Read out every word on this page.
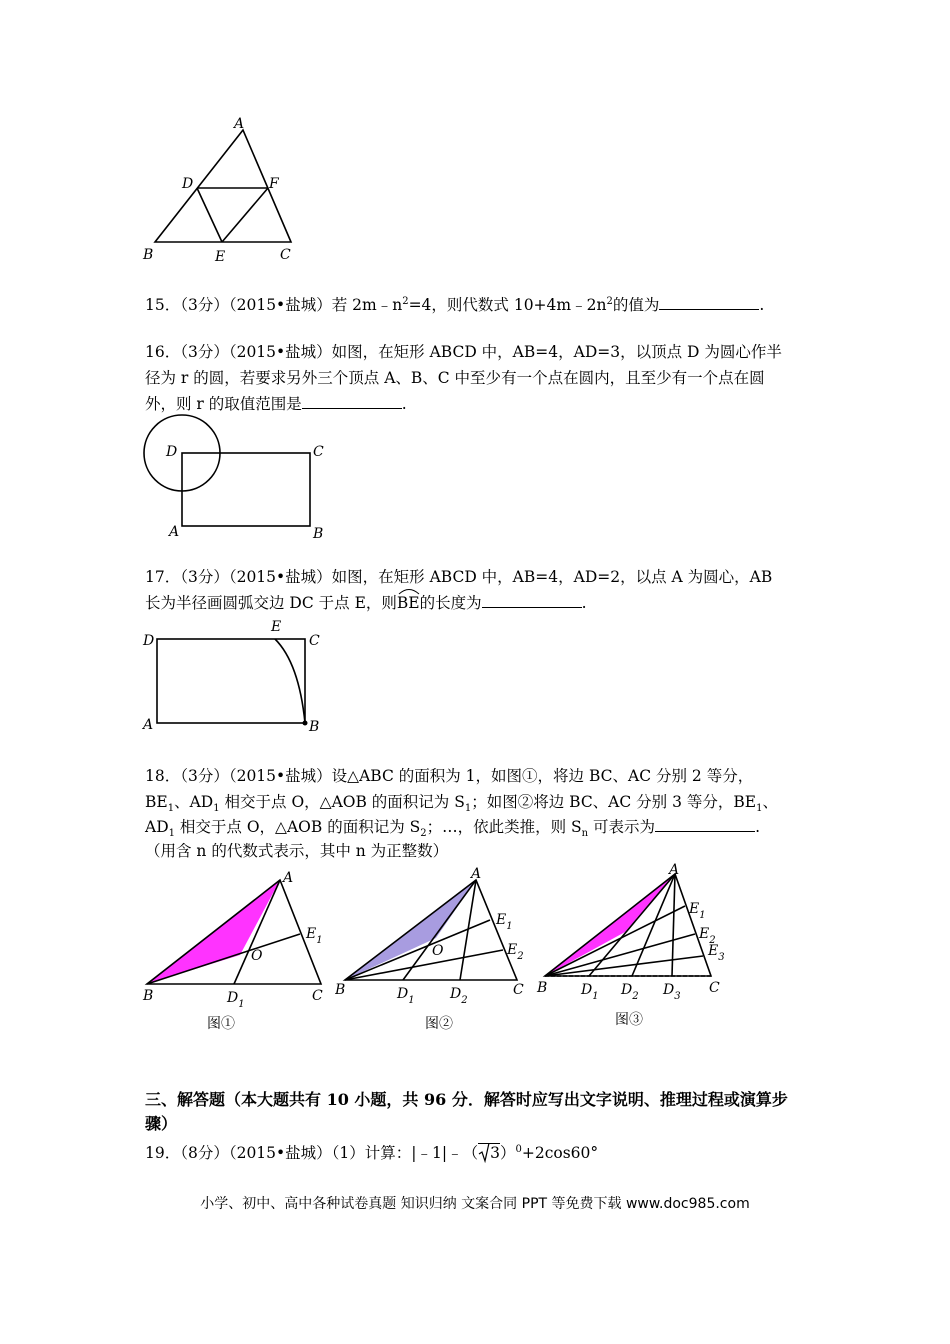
A
D	F
B	E	C
15．（3分）（2015•盐城）若 $2m﹣n^2=4$，则代数式 $10+4m﹣2n^2$的值为	.
16．（3分）（2015•盐城）如图，在矩形 ABCD 中，AB=4，AD=3，以顶点 D 为圆心作半
径为 r 的圆，若要求另外三个顶点 A、B、C 中至少有一个点在圆内，且至少有一个点在圆
外，则 r 的取值范围是	.
D	C
A	B
17．（3分）（2015•盐城）如图，在矩形 ABCD 中，AB=4，AD=2，以点 A 为圆心，AB
长为半径画圆弧交边 DC 于点 E，则
BE的长度为	.
D
E
C
A	B
18．（3分）（2015•盐城）设△ABC 的面积为 1，如图①，将边 BC、AC 分别 2 等分，
$BE_1$、$AD_1$ 相交于点 O，△AOB 的面积记为 $S_1$；如图②将边 BC、AC 分别 3 等分，$BE_1$、
$AD_1$ 相交于点 O，△AOB 的面积记为 $S_2$；…，依此类推，则 $S_n$ 可表示为	.
（用含 n 的代数式表示，其中 n 为正整数）
A
O
$E_1$
B	$D_1$
C
图①
A
O
$E_1$
$E_2$
B	$D_1$	$D_2$
C
图②
A
$E_1$
$E_2$
$E_3$
B $D_1$ $D_2$ $D_3$
C
图③
三、解答题（本大题共有 10 小题，共 96 分．解答时应写出文字说明、推理过程或演算步
骤）
19．（8分）（2015•盐城）（1）计算：|﹣1|﹣（ 3）$^0$+2cos60°
小学、初中、高中各种试卷真题 知识归纳 文案合同 PPT 等免费下载 www.doc985.com
